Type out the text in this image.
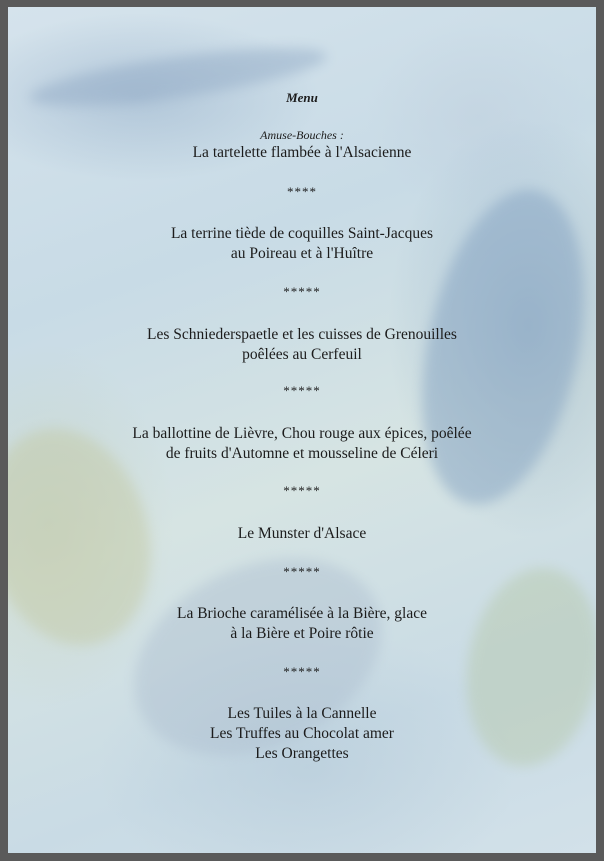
Menu
Amuse-Bouches :
La tartelette flambée à l'Alsacienne
****
La terrine tiède de coquilles Saint-Jacques
au Poireau et à l'Huître
*****
Les Schniederspaetle et les cuisses de Grenouilles
poêlées au Cerfeuil
*****
La ballottine de Lièvre, Chou rouge aux épices, poêlée
de fruits d'Automne et mousseline de Céleri
*****
Le Munster d'Alsace
*****
La Brioche caramélisée à la Bière, glace
à la Bière et Poire rôtie
*****
Les Tuiles à la Cannelle
Les Truffes au Chocolat amer
Les Orangettes
